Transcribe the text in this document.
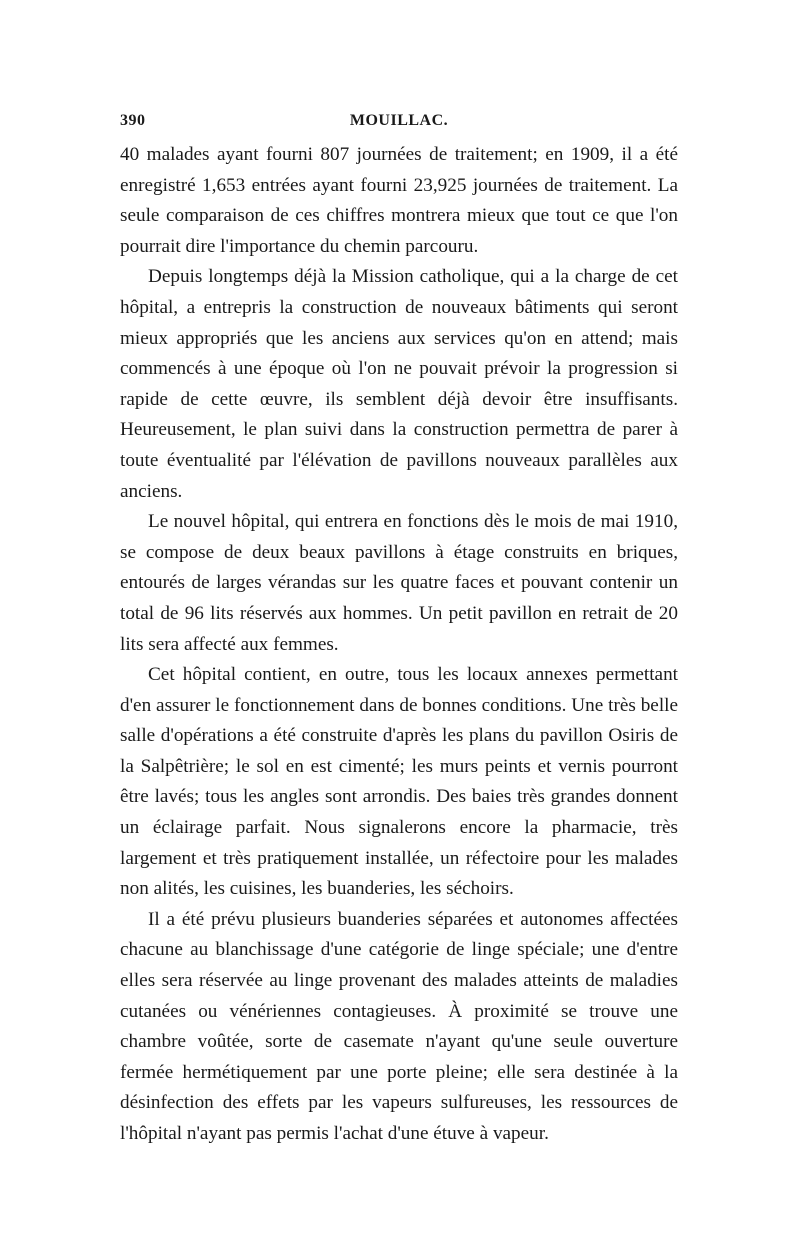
390	MOUILLAC.

40 malades ayant fourni 807 journées de traitement; en 1909, il a été enregistré 1,653 entrées ayant fourni 23,925 journées de traitement. La seule comparaison de ces chiffres montrera mieux que tout ce que l'on pourrait dire l'importance du chemin parcouru.

Depuis longtemps déjà la Mission catholique, qui a la charge de cet hôpital, a entrepris la construction de nouveaux bâtiments qui seront mieux appropriés que les anciens aux services qu'on en attend; mais commencés à une époque où l'on ne pouvait prévoir la progression si rapide de cette œuvre, ils semblent déjà devoir être insuffisants. Heureusement, le plan suivi dans la construction permettra de parer à toute éventualité par l'élévation de pavillons nouveaux parallèles aux anciens.

Le nouvel hôpital, qui entrera en fonctions dès le mois de mai 1910, se compose de deux beaux pavillons à étage construits en briques, entourés de larges vérandas sur les quatre faces et pouvant contenir un total de 96 lits réservés aux hommes. Un petit pavillon en retrait de 20 lits sera affecté aux femmes.

Cet hôpital contient, en outre, tous les locaux annexes permettant d'en assurer le fonctionnement dans de bonnes conditions. Une très belle salle d'opérations a été construite d'après les plans du pavillon Osiris de la Salpêtrière; le sol en est cimenté; les murs peints et vernis pourront être lavés; tous les angles sont arrondis. Des baies très grandes donnent un éclairage parfait. Nous signalerons encore la pharmacie, très largement et très pratiquement installée, un réfectoire pour les malades non alités, les cuisines, les buanderies, les séchoirs.

Il a été prévu plusieurs buanderies séparées et autonomes affectées chacune au blanchissage d'une catégorie de linge spéciale; une d'entre elles sera réservée au linge provenant des malades atteints de maladies cutanées ou vénériennes contagieuses. À proximité se trouve une chambre voûtée, sorte de casemate n'ayant qu'une seule ouverture fermée hermétiquement par une porte pleine; elle sera destinée à la désinfection des effets par les vapeurs sulfureuses, les ressources de l'hôpital n'ayant pas permis l'achat d'une étuve à vapeur.
